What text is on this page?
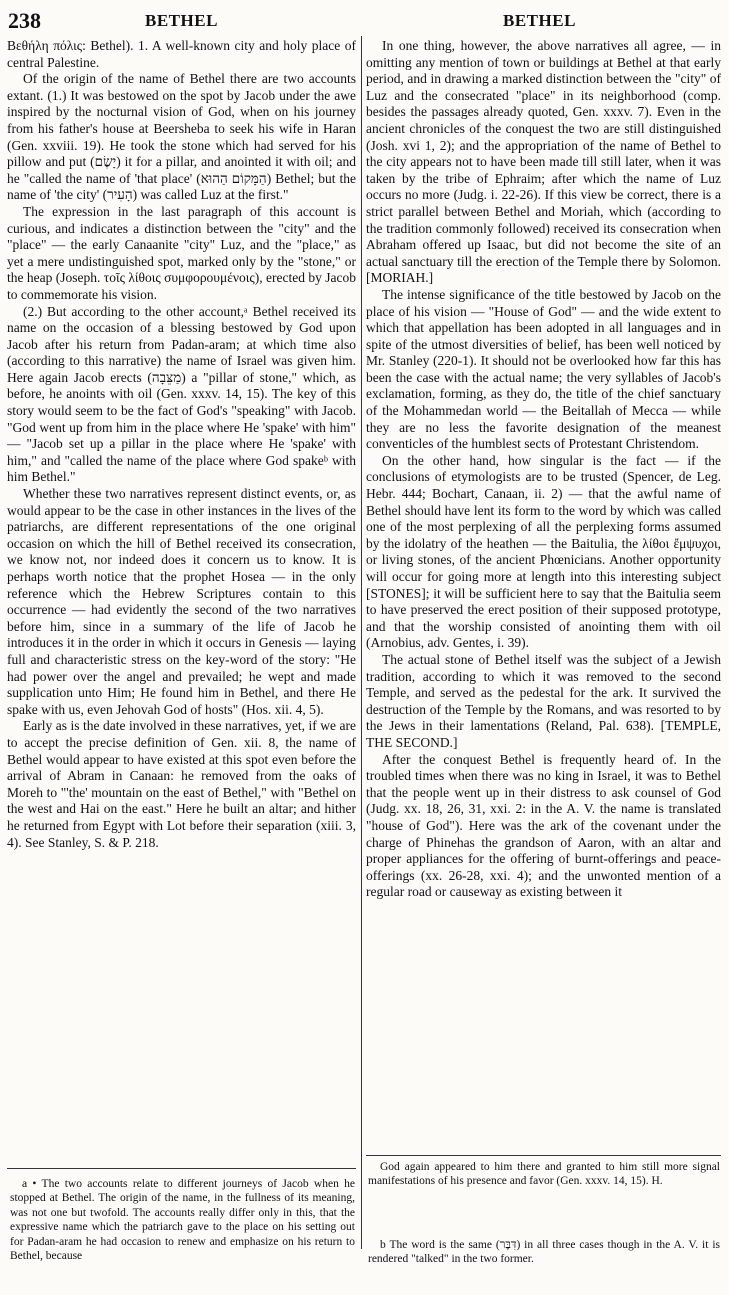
238	BETHEL	BETHEL

Βεθήλη πόλις: Bethel). 1. A well-known city and holy place of central Palestine.

Of the origin of the name of Bethel there are two accounts extant. (1.) It was bestowed on the spot by Jacob under the awe inspired by the nocturnal vision of God, when on his journey from his father's house at Beersheba to seek his wife in Haran (Gen. xxviii. 19). He took the stone which had served for his pillow and put (יָשֶׂם) it for a pillar, and anointed it with oil; and he "called the name of 'that place' (הַמָּקוֹם הַהוּא) Bethel; but the name of 'the city' (הָעִיר) was called Luz at the first."

The expression in the last paragraph of this account is curious, and indicates a distinction between the "city" and the "place" — the early Canaanite "city" Luz, and the "place," as yet a mere undistinguished spot, marked only by the "stone," or the heap (Joseph. τοῖς λίθοις συμφορουμένοις), erected by Jacob to commemorate his vision.

(2.) But according to the other account,ᵃ Bethel received its name on the occasion of a blessing bestowed by God upon Jacob after his return from Padan-aram; at which time also (according to this narrative) the name of Israel was given him. Here again Jacob erects (מַצֵּבָה) a "pillar of stone," which, as before, he anoints with oil (Gen. xxxv. 14, 15). The key of this story would seem to be the fact of God's "speaking" with Jacob. "God went up from him in the place where He 'spake' with him" — "Jacob set up a pillar in the place where He 'spake' with him," and "called the name of the place where God spakeᵇ with him Bethel."

Whether these two narratives represent distinct events, or, as would appear to be the case in other instances in the lives of the patriarchs, are different representations of the one original occasion on which the hill of Bethel received its consecration, we know not, nor indeed does it concern us to know. It is perhaps worth notice that the prophet Hosea — in the only reference which the Hebrew Scriptures contain to this occurrence — had evidently the second of the two narratives before him, since in a summary of the life of Jacob he introduces it in the order in which it occurs in Genesis — laying full and characteristic stress on the key-word of the story: "He had power over the angel and prevailed; he wept and made supplication unto Him; He found him in Bethel, and there He spake with us, even Jehovah God of hosts" (Hos. xii. 4, 5).

Early as is the date involved in these narratives, yet, if we are to accept the precise definition of Gen. xii. 8, the name of Bethel would appear to have existed at this spot even before the arrival of Abram in Canaan: he removed from the oaks of Moreh to "'the' mountain on the east of Bethel," with "Bethel on the west and Hai on the east." Here he built an altar; and hither he returned from Egypt with Lot before their separation (xiii. 3, 4). See Stanley, S. & P. 218.

In one thing, however, the above narratives all agree, — in omitting any mention of town or buildings at Bethel at that early period, and in drawing a marked distinction between the "city" of Luz and the consecrated "place" in its neighborhood (comp. besides the passages already quoted, Gen. xxxv. 7). Even in the ancient chronicles of the conquest the two are still distinguished (Josh. xvi 1, 2); and the appropriation of the name of Bethel to the city appears not to have been made till still later, when it was taken by the tribe of Ephraim; after which the name of Luz occurs no more (Judg. i. 22-26). If this view be correct, there is a strict parallel between Bethel and Moriah, which (according to the tradition commonly followed) received its consecration when Abraham offered up Isaac, but did not become the site of an actual sanctuary till the erection of the Temple there by Solomon. [MORIAH.]

The intense significance of the title bestowed by Jacob on the place of his vision — "House of God" — and the wide extent to which that appellation has been adopted in all languages and in spite of the utmost diversities of belief, has been well noticed by Mr. Stanley (220-1). It should not be overlooked how far this has been the case with the actual name; the very syllables of Jacob's exclamation, forming, as they do, the title of the chief sanctuary of the Mohammedan world — the Beitallah of Mecca — while they are no less the favorite designation of the meanest conventicles of the humblest sects of Protestant Christendom.

On the other hand, how singular is the fact — if the conclusions of etymologists are to be trusted (Spencer, de Leg. Hebr. 444; Bochart, Canaan, ii. 2) — that the awful name of Bethel should have lent its form to the word by which was called one of the most perplexing of all the perplexing forms assumed by the idolatry of the heathen — the Baitulia, the λίθοι ἔμψυχοι, or living stones, of the ancient Phœnicians. Another opportunity will occur for going more at length into this interesting subject [STONES]; it will be sufficient here to say that the Baitulia seem to have preserved the erect position of their supposed prototype, and that the worship consisted of anointing them with oil (Arnobius, adv. Gentes, i. 39).

The actual stone of Bethel itself was the subject of a Jewish tradition, according to which it was removed to the second Temple, and served as the pedestal for the ark. It survived the destruction of the Temple by the Romans, and was resorted to by the Jews in their lamentations (Reland, Pal. 638). [TEMPLE, THE SECOND.]

After the conquest Bethel is frequently heard of. In the troubled times when there was no king in Israel, it was to Bethel that the people went up in their distress to ask counsel of God (Judg. xx. 18, 26, 31, xxi. 2: in the A. V. the name is translated "house of God"). Here was the ark of the covenant under the charge of Phinehas the grandson of Aaron, with an altar and proper appliances for the offering of burnt-offerings and peace-offerings (xx. 26-28, xxi. 4); and the unwonted mention of a regular road or causeway as existing between it

a • The two accounts relate to different journeys of Jacob when he stopped at Bethel. The origin of the name, in the fullness of its meaning, was not one but twofold. The accounts really differ only in this, that the expressive name which the patriarch gave to the place on his setting out for Padan-aram he had occasion to renew and emphasize on his return to Bethel, because

God again appeared to him there and granted to him still more signal manifestations of his presence and favor (Gen. xxxv. 14, 15). H.

b The word is the same (דִּבֶּר) in all three cases though in the A. V. it is rendered "talked" in the two former.
